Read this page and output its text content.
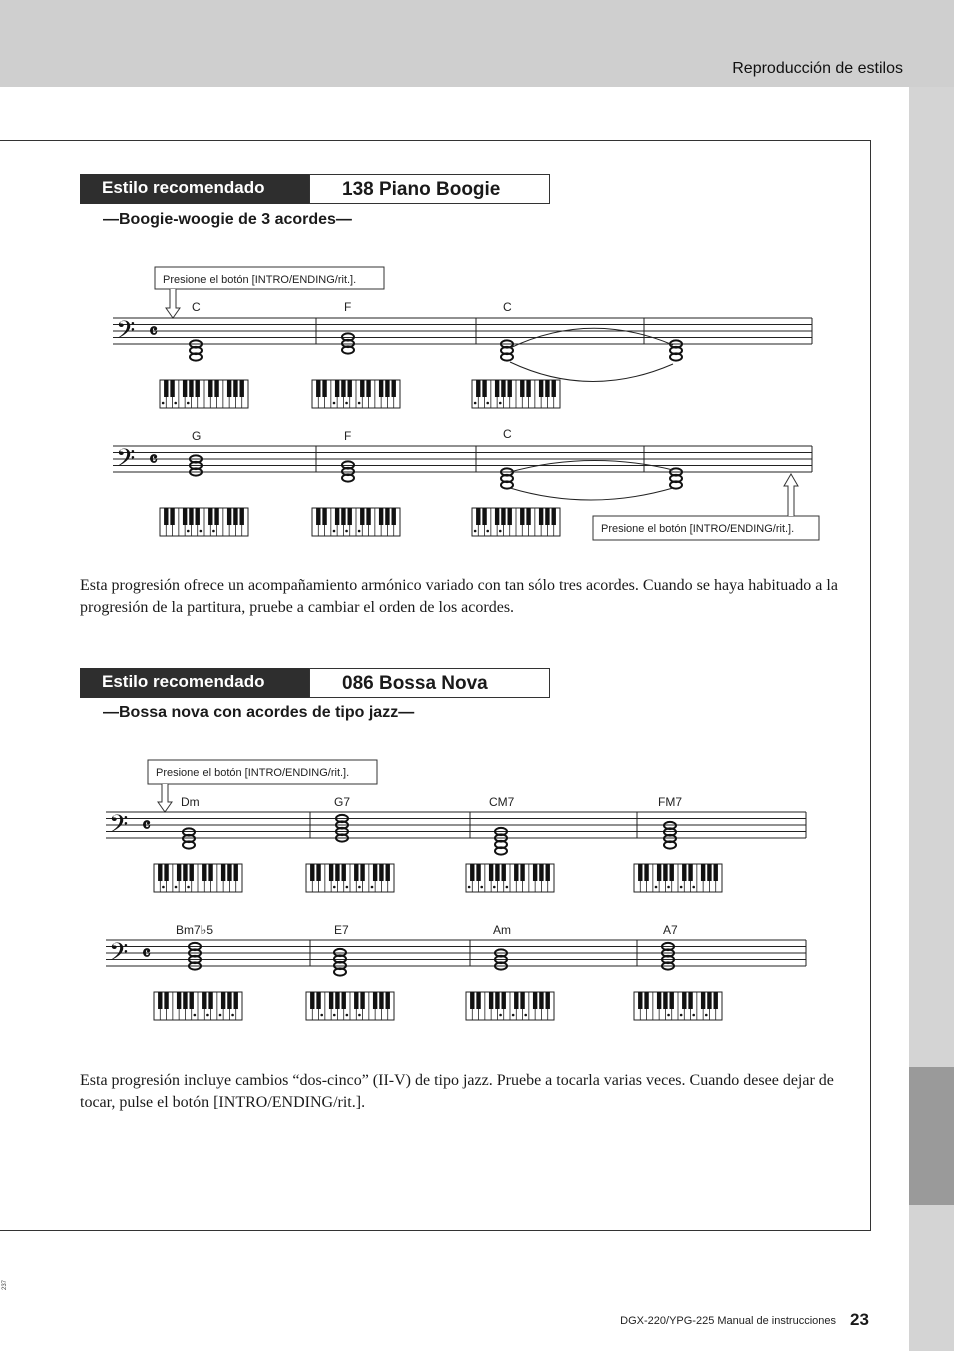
Reproducción de estilos
Estilo recomendado	138 Piano Boogie
—Boogie-woogie de 3 acordes—
Estilo recomendado	086 Bossa Nova
—Bossa nova con acordes de tipo jazz—
Presione el botón [INTRO/ENDING/rit.].
Presione el botón [INTRO/ENDING/rit.].
Presione el botón [INTRO/ENDING/rit.].
𝄢 𝄴
𝄢 𝄴
𝄢 𝄴
𝄢 𝄴
C	F	C
G	F	C
Dm	G7	CM7	FM7
Bm7♭5	E7	Am	A7
Esta progresión ofrece un acompañamiento armónico variado con tan sólo tres acordes. Cuando se haya habituado a la progresión de la partitura, pruebe a cambiar el orden de los acordes.
Esta progresión incluye cambios “dos-cinco” (II-V) de tipo jazz. Pruebe a tocarla varias veces. Cuando desee dejar de tocar, pulse el botón [INTRO/ENDING/rit.].
237
DGX-220/YPG-225 Manual de instrucciones 23
